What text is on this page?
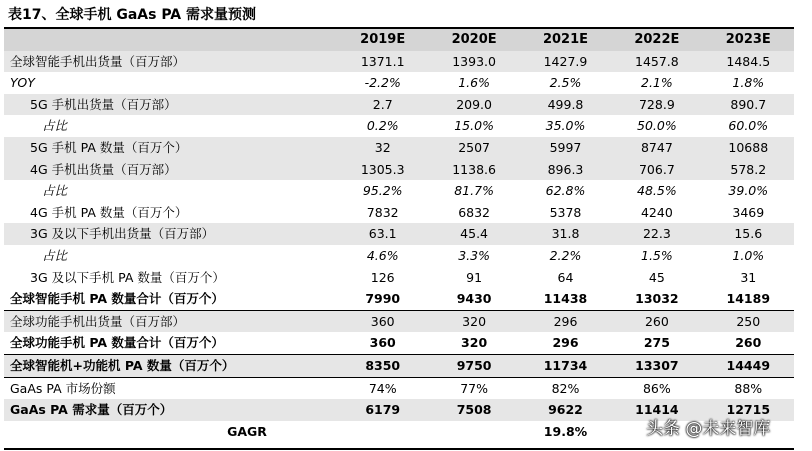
表17、全球手机 GaAs PA 需求量预测
	2019E	2020E	2021E	2022E	2023E
全球智能手机出货量（百万部）	1371.1	1393.0	1427.9	1457.8	1484.5
YOY	-2.2%	1.6%	2.5%	2.1%	1.8%
5G 手机出货量（百万部）	2.7	209.0	499.8	728.9	890.7
占比	0.2%	15.0%	35.0%	50.0%	60.0%
5G 手机 PA 数量（百万个）	32	2507	5997	8747	10688
4G 手机出货量（百万部）	1305.3	1138.6	896.3	706.7	578.2
占比	95.2%	81.7%	62.8%	48.5%	39.0%
4G 手机 PA 数量（百万个）	7832	6832	5378	4240	3469
3G 及以下手机出货量（百万部）	63.1	45.4	31.8	22.3	15.6
占比	4.6%	3.3%	2.2%	1.5%	1.0%
3G 及以下手机 PA 数量（百万个）	126	91	64	45	31
全球智能手机 PA 数量合计（百万个）	7990	9430	11438	13032	14189
全球功能手机出货量（百万部）	360	320	296	260	250
全球功能手机 PA 数量合计（百万个）	360	320	296	275	260
全球智能机+功能机 PA 数量（百万个）	8350	9750	11734	13307	14449
GaAs PA 市场份额	74%	77%	82%	86%	88%
GaAs PA 需求量（百万个）	6179	7508	9622	11414	12715
GAGR			19.8%			头条 @未来智库
